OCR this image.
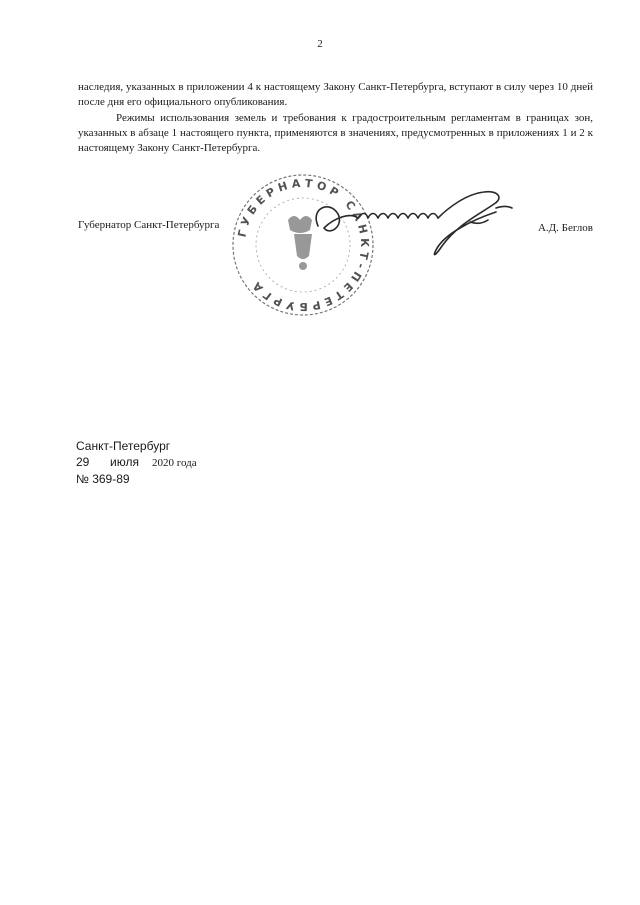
2

наследия, указанных в приложении 4 к настоящему Закону Санкт-Петербурга, вступают в силу через 10 дней после дня его официального опубликования.

Режимы использования земель и требования к градостроительным регламентам в границах зон, указанных в абзаце 1 настоящего пункта, применяются в значениях, предусмотренных в приложениях 1 и 2 к настоящему Закону Санкт-Петербурга.

ГУБЕРНАТОР САНКТ-ПЕТЕРБУРГА
Губернатор Санкт-Петербурга	А.Д. Беглов
Санкт-Петербург
29 июля 2020 года
№ 369-89
